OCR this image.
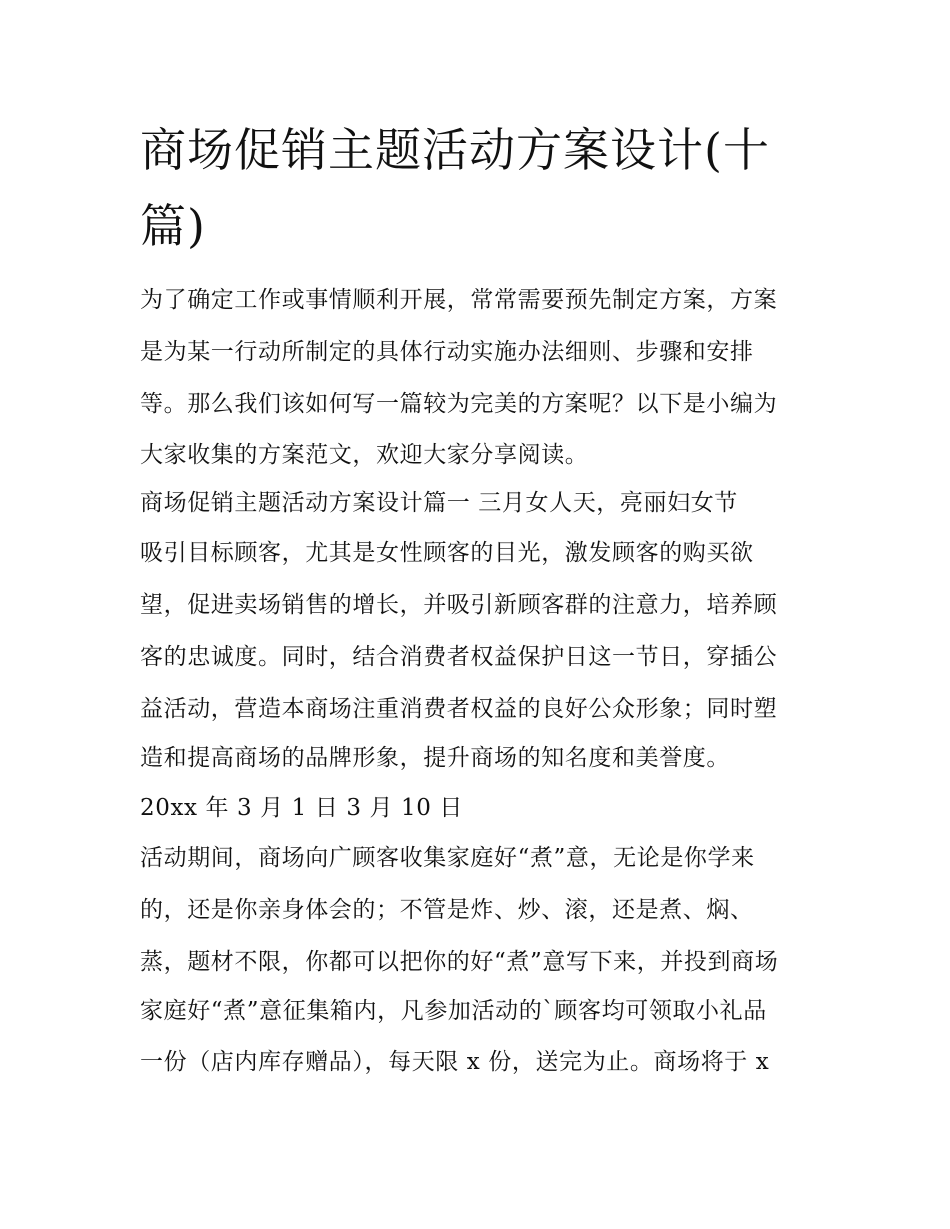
商场促销主题活动方案设计(十
篇)

为了确定工作或事情顺利开展，常常需要预先制定方案，方案

是为某一行动所制定的具体行动实施办法细则、步骤和安排

等。那么我们该如何写一篇较为完美的方案呢？以下是小编为

大家收集的方案范文，欢迎大家分享阅读。

商场促销主题活动方案设计篇一 三月女人天，亮丽妇女节

吸引目标顾客，尤其是女性顾客的目光，激发顾客的购买欲

望，促进卖场销售的增长，并吸引新顾客群的注意力，培养顾

客的忠诚度。同时，结合消费者权益保护日这一节日，穿插公

益活动，营造本商场注重消费者权益的良好公众形象；同时塑

造和提高商场的品牌形象，提升商场的知名度和美誉度。

20xx 年 3 月 1 日 3 月 10 日

活动期间，商场向广顾客收集家庭好“煮”意，无论是你学来

的，还是你亲身体会的；不管是炸、炒、滚，还是煮、焖、

蒸，题材不限，你都可以把你的好“煮”意写下来，并投到商场

家庭好“煮”意征集箱内，凡参加活动的`顾客均可领取小礼品

一份（店内库存赠品），每天限 x 份，送完为止。商场将于 x
